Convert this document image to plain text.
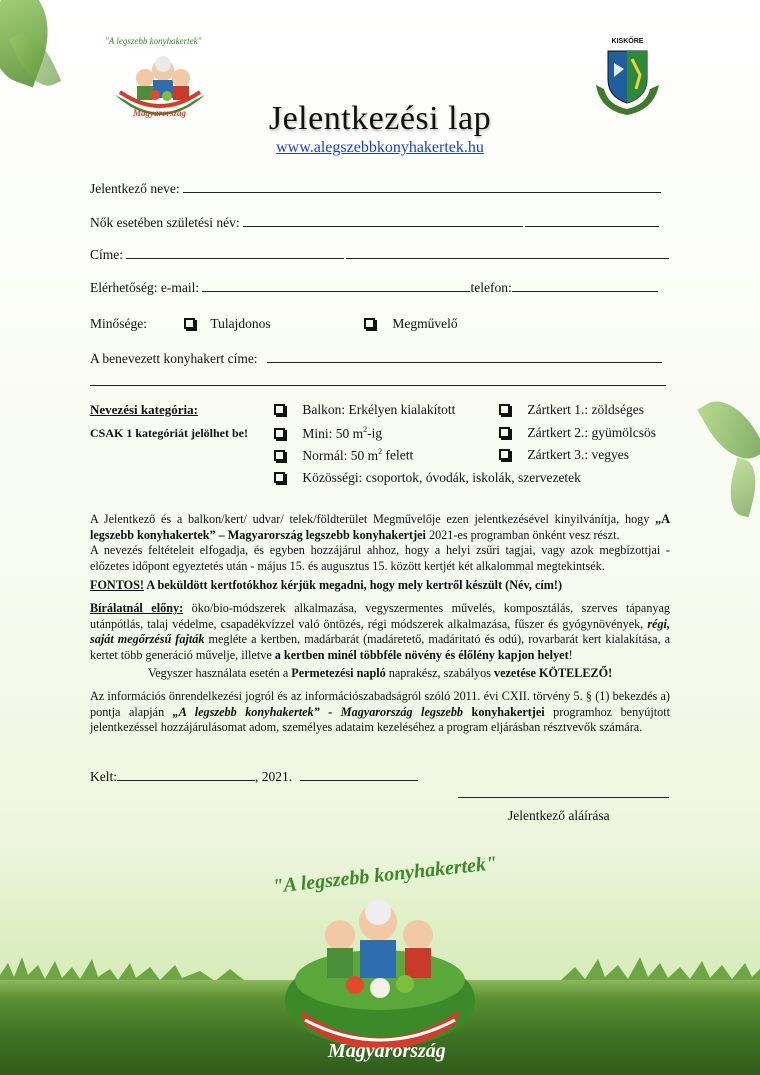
"A legszebb konyhakertek"
Magyarország
KISKŐRE
Jelentkezési lap
www.alegszebbkonyhakertek.hu
Jelentkező neve:
Nők esetében születési név:
Címe:
Elérhetőség: e-mail:	telefon:
Minősége:	Tulajdonos	Megművelő
A benevezett konyhakert címe:
Nevezési kategória:
CSAK 1 kategóriát jelölhet be!
Balkon: Erkélyen kialakított
Mini: 50 $m^2-ig$
Normál: 50 $m^2$ felett
Közösségi: csoportok, óvodák, iskolák, szervezetek
Zártkert 1.: zöldséges
Zártkert 2.: gyümölcsös
Zártkert 3.: vegyes
A Jelentkező és a balkon/kert/ udvar/ telek/földterület Megművelője ezen jelentkezésével kinyilvánítja, hogy „A legszebb konyhakertek” – Magyarország legszebb konyhakertjei 2021-es programban önként vesz részt.
A nevezés feltételeit elfogadja, és egyben hozzájárul ahhoz, hogy a helyi zsűri tagjai, vagy azok megbízottjai - előzetes időpont egyeztetés után - május 15. és augusztus 15. között kertjét két alkalommal megtekintsék.
FONTOS! A beküldött kertfotókhoz kérjük megadni, hogy mely kertről készült (Név, cím!)
Bírálatnál előny: öko/bio-módszerek alkalmazása, vegyszermentes művelés, komposztálás, szerves tápanyag utánpótlás, talaj védelme, csapadékvízzel való öntözés, régi módszerek alkalmazása, fűszer és gyógynövények, régi, saját megőrzésű fajták megléte a kertben, madárbarát (madáretető, madáritató és odú), rovarbarát kert kialakítása, a kertet több generáció művelje, illetve a kertben minél többféle növény és élőlény kapjon helyet!
Vegyszer használata esetén a Permetezési napló naprakész, szabályos vezetése KÖTELEZŐ!
Az információs önrendelkezési jogról és az információszabadságról szóló 2011. évi CXII. törvény 5. § (1) bekezdés a) pontja alapján „A legszebb konyhakertek” - Magyarország legszebb konyhakertjei programhoz benyújtott jelentkezéssel hozzájárulásomat adom, személyes adataim kezeléséhez a program eljárásban résztvevők számára.
Kelt:	, 2021.
Jelentkező aláírása
"A legszebb konyhakertek"
Magyarország
